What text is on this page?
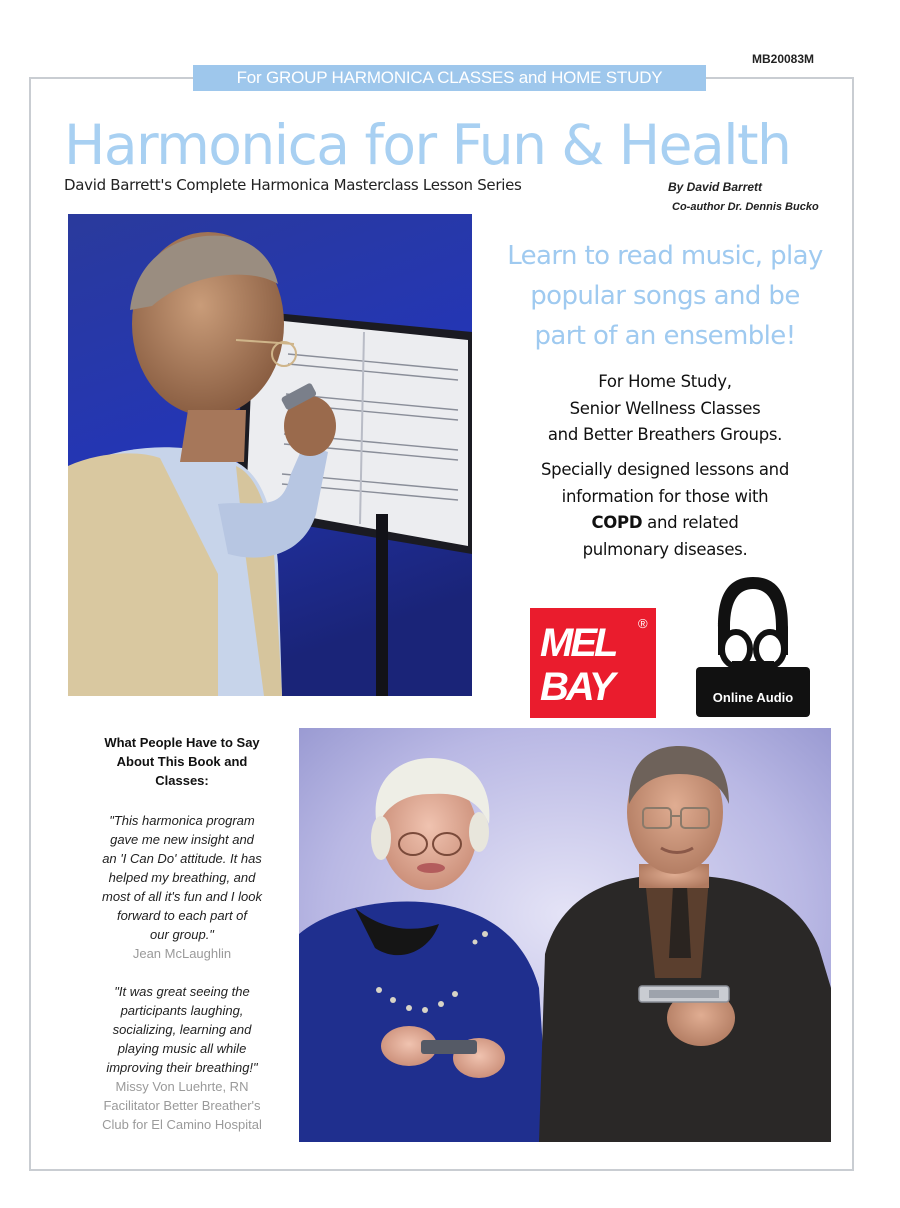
MB20083M
For GROUP HARMONICA CLASSES and HOME STUDY
Harmonica for Fun & Health
David Barrett's Complete Harmonica Masterclass Lesson Series	By David Barrett
Co-author Dr. Dennis Bucko
Learn to read music, play
popular songs and be
part of an ensemble!
For Home Study,
Senior Wellness Classes
and Better Breathers Groups.
Specially designed lessons and
information for those with
COPD and related
pulmonary diseases.
MEL
BAY
®
Online Audio
What People Have to Say
About This Book and
Classes:
"This harmonica program
gave me new insight and
an 'I Can Do' attitude. It has
helped my breathing, and
most of all it's fun and I look
forward to each part of
our group."
Jean McLaughlin
"It was great seeing the
participants laughing,
socializing, learning and
playing music all while
improving their breathing!"
Missy Von Luehrte, RN
Facilitator Better Breather's
Club for El Camino Hospital
